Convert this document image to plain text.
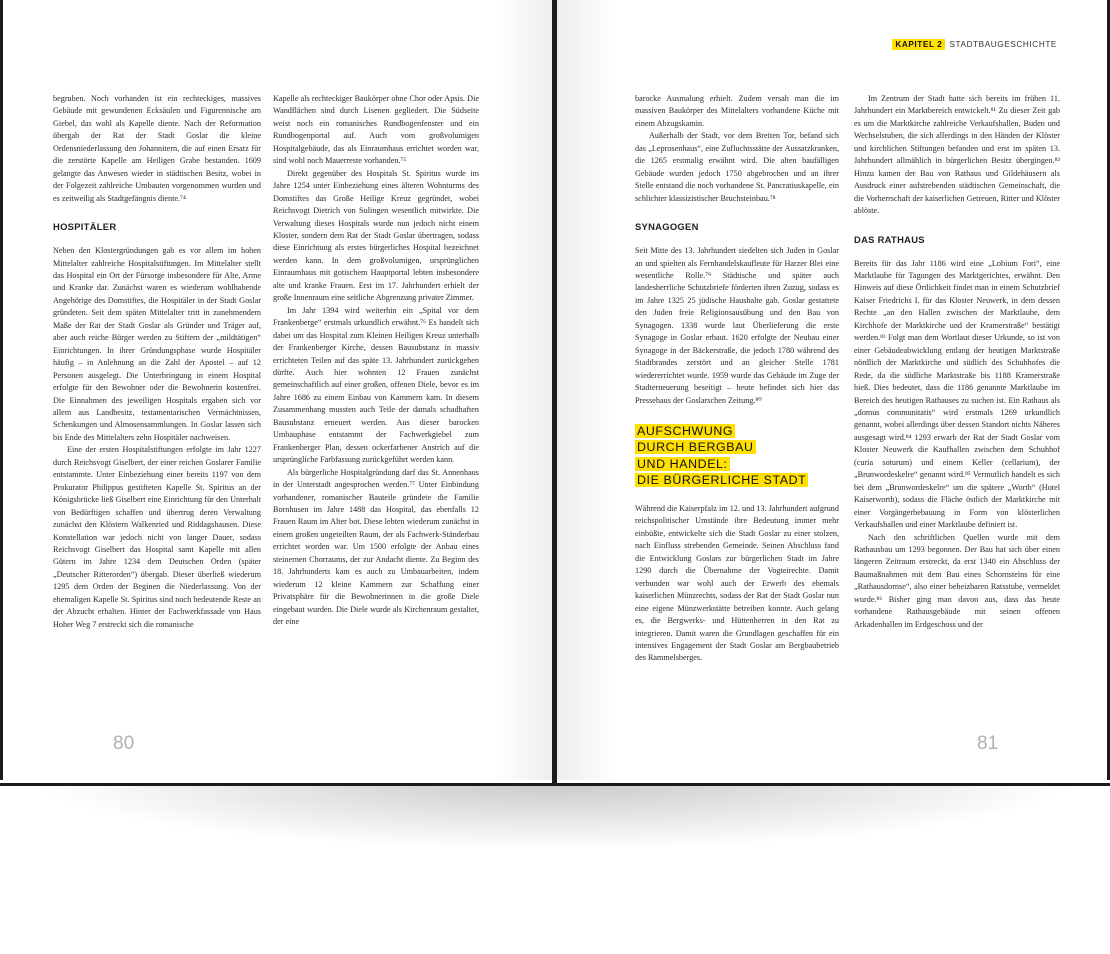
begruben. Noch vorhanden ist ein rechteckiges, massives Gebäude mit gewundenen Ecksäulen und Figurennische am Giebel, das wohl als Kapelle diente. Nach der Reformation übergab der Rat der Stadt Goslar die kleine Ordensniederlassung den Johannitern, die auf einen Ersatz für die zerstörte Kapelle am Heiligen Grabe bestanden. 1609 gelangte das Anwesen wieder in städtischen Besitz, wobei in der Folgezeit zahlreiche Umbauten vorgenommen wurden und es zeitweilig als Stadtgefängnis diente.⁷⁴

HOSPITÄLER

Neben den Klostergründungen gab es vor allem im hohen Mittelalter zahlreiche Hospitalstiftungen. Im Mittelalter stellt das Hospital ein Ort der Fürsorge insbesondere für Alte, Arme und Kranke dar. Zunächst waren es wiederum wohlhabende Angehörige des Domstiftes, die Hospitäler in der Stadt Goslar gründeten. Seit dem späten Mittelalter tritt in zunehmendem Maße der Rat der Stadt Goslar als Gründer und Träger auf, aber auch reiche Bürger werden zu Stiftern der „mildtätigen“ Einrichtungen. In ihrer Gründungsphase wurde Hospitäler häufig – in Anlehnung an die Zahl der Apostel – auf 12 Personen ausgelegt. Die Unterbringung in einem Hospital erfolgte für den Bewohner oder die Bewohnerin kostenfrei. Die Einnahmen des jeweiligen Hospitals ergaben sich vor allem aus Landbesitz, testamentarischen Vermächtnissen, Schenkungen und Almosensammlungen. In Goslar lassen sich bis Ende des Mittelalters zehn Hospitäler nachweisen.

Eine der ersten Hospitalstiftungen erfolgte im Jahr 1227 durch Reichsvogt Giselbert, der einer reichen Goslarer Familie entstammte. Unter Einbeziehung einer bereits 1197 von dem Prokurator Philippus gestifteten Kapelle St. Spiritus an der Königsbrücke ließ Giselbert eine Einrichtung für den Unterhalt von Bedürftigen schaffen und übertrug deren Verwaltung zunächst den Klöstern Walkenried und Riddagshausen. Diese Konstellation war jedoch nicht von langer Dauer, sodass Reichsvogt Giselbert das Hospital samt Kapelle mit allen Gütern im Jahre 1234 dem Deutschen Orden (später „Deutscher Ritterorden“) übergab. Dieser überließ wiederum 1295 dem Orden der Beginen die Niederlassung. Von der ehemaligen Kapelle St. Spiritus sind noch bedeutende Reste an der Abzucht erhalten. Hinter der Fachwerkfassade von Haus Hoher Weg 7 erstreckt sich die romanische

Kapelle als rechteckiger Baukörper ohne Chor oder Apsis. Die Wandflächen sind durch Lisenen gegliedert. Die Südseite weist noch ein romanisches Rundbogenfenster und ein Rundbogenportal auf. Auch vom großvolumigen Hospitalgebäude, das als Einraumhaus errichtet worden war, sind wohl noch Mauerreste vorhanden.⁷⁵

Direkt gegenüber des Hospitals St. Spiritus wurde im Jahre 1254 unter Einbeziehung eines älteren Wohnturms des Domstiftes das Große Heilige Kreuz gegründet, wobei Reichsvogt Dietrich von Sulingen wesentlich mitwirkte. Die Verwaltung dieses Hospitals wurde nun jedoch nicht einem Kloster, sondern dem Rat der Stadt Goslar übertragen, sodass diese Einrichtung als erstes bürgerliches Hospital bezeichnet werden kann. In dem großvolumigen, ursprünglichen Einraumhaus mit gotischem Hauptportal lebten insbesondere alte und kranke Frauen. Erst im 17. Jahrhundert erhielt der große Innenraum eine seitliche Abgrenzung privater Zimmer.

Im Jahr 1394 wird weiterhin ein „Spital vor dem Frankenberge“ erstmals urkundlich erwähnt.⁷⁶ Es handelt sich dabei um das Hospital zum Kleinen Heiligen Kreuz unterhalb der Frankenberger Kirche, dessen Bausubstanz in massiv errichteten Teilen auf das späte 13. Jahrhundert zurückgehen dürfte. Auch hier wohnten 12 Frauen zunächst gemeinschaftlich auf einer großen, offenen Diele, bevor es im Jahre 1686 zu einem Einbau von Kammern kam. In diesem Zusammenhang mussten auch Teile der damals schadhaften Bausubstanz erneuert werden. Aus dieser barocken Umbauphase entstammt der Fachwerkgiebel zum Frankenberger Plan, dessen ockerfarbener Anstrich auf die ursprüngliche Farbfassung zurückgeführt werden kann.

Als bürgerliche Hospitalgründung darf das St. Annenhaus in der Unterstadt angesprochen werden.⁷⁷ Unter Einbindung vorhandener, romanischer Bauteile gründete die Familie Bornhusen im Jahre 1488 das Hospital, das ebenfalls 12 Frauen Raum im Alter bot. Diese lebten wiederum zunächst in einem großen ungeteilten Raum, der als Fachwerk-Ständerbau errichtet worden war. Um 1500 erfolgte der Anbau eines steinernen Chorraums, der zur Andacht diente. Zu Beginn des 18. Jahrhunderts kam es auch zu Umbauarbeiten, indem wiederum 12 kleine Kammern zur Schaffung einer Privatsphäre für die Bewohnerinnen in die große Diele eingebaut wurden. Die Diele wurde als Kirchenraum gestaltet, der eine

80
KAPITEL 2 STADTBAUGESCHICHTE

barocke Ausmalung erhielt. Zudem versah man die im massiven Baukörper des Mittelalters vorhandene Küche mit einem Abzugskamin.

Außerhalb der Stadt, vor dem Breiten Tor, befand sich das „Leprosenhaus“, eine Zufluchtsstätte der Aussatzkranken, die 1265 erstmalig erwähnt wird. Die alten baufälligen Gebäude wurden jedoch 1750 abgebrochen und an ihrer Stelle entstand die noch vorhandene St. Pancratiuskapelle, ein schlichter klassizistischer Bruchsteinbau.⁷⁸

SYNAGOGEN

Seit Mitte des 13. Jahrhundert siedelten sich Juden in Goslar an und spielten als Fernhandelskaufleute für Harzer Blei eine wesentliche Rolle.⁷⁹ Städtische und später auch landesherrliche Schutzbriefe förderten ihren Zuzug, sodass es im Jahre 1325 25 jüdische Haushalte gab. Goslar gestattete den Juden freie Religionsausübung und den Bau von Synagogen. 1338 wurde laut Überlieferung die erste Synagoge in Goslar erbaut. 1620 erfolgte der Neubau einer Synagoge in der Bäckerstraße, die jedoch 1780 während des Stadtbrandes zerstört und an gleicher Stelle 1781 wiedererrichtet wurde. 1959 wurde das Gebäude im Zuge der Stadterneuerung beseitigt – heute befindet sich hier das Pressehaus der Goslarschen Zeitung.⁸⁰

AUFSCHWUNG
DURCH BERGBAU
UND HANDEL:
DIE BÜRGERLICHE STADT

Während die Kaiserpfalz im 12. und 13. Jahrhundert aufgrund reichspolitischer Umstände ihre Bedeutung immer mehr einbüßte, entwickelte sich die Stadt Goslar zu einer stolzen, nach Einfluss strebenden Gemeinde. Seinen Abschluss fand die Entwicklung Goslars zur bürgerlichen Stadt im Jahre 1290 durch die Übernahme der Vogteirechte. Damit verbunden war wohl auch der Erwerb des ehemals kaiserlichen Münzrechts, sodass der Rat der Stadt Goslar nun eine eigene Münzwerkstätte betreiben konnte. Auch gelang es, die Bergwerks- und Hüttenherren in den Rat zu integrieren. Damit waren die Grundlagen geschaffen für ein intensives Engagement der Stadt Goslar am Bergbaubetrieb des Rammelsberges.

Im Zentrum der Stadt hatte sich bereits im frühen 11. Jahrhundert ein Marktbereich entwickelt.⁸¹ Zu dieser Zeit gab es um die Marktkirche zahlreiche Verkaufshallen, Buden und Wechselstuben, die sich allerdings in den Händen der Klöster und kirchlichen Stiftungen befanden und erst im späten 13. Jahrhundert allmählich in bürgerlichen Besitz übergingen.⁸² Hinzu kamen der Bau von Rathaus und Gildehäusern als Ausdruck einer aufstrebenden städtischen Gemeinschaft, die die Vorherrschaft der kaiserlichen Getreuen, Ritter und Klöster ablöste.

DAS RATHAUS

Bereits für das Jahr 1186 wird eine „Lobium Fori“, eine Marktlaube für Tagungen des Marktgerichtes, erwähnt. Den Hinweis auf diese Örtlichkeit findet man in einem Schutzbrief Kaiser Friedrichs I. für das Kloster Neuwerk, in dem dessen Rechte „an den Hallen zwischen der Marktlaube, dem Kirchhofe der Marktkirche und der Kramerstraße“ bestätigt werden.⁸³ Folgt man dem Wortlaut dieser Urkunde, so ist von einer Gebäudeabwicklung entlang der heutigen Marktstraße nördlich der Marktkirche und südlich des Schuhhofes die Rede, da die südliche Marktstraße bis 1188 Kramerstraße hieß. Dies bedeutet, dass die 1186 genannte Marktlaube im Bereich des heutigen Rathauses zu suchen ist. Ein Rathaus als „domus communitatis“ wird erstmals 1269 urkundlich genannt, wobei allerdings über dessen Standort nichts Näheres ausgesagt wird.⁸⁴ 1293 erwarb der Rat der Stadt Goslar vom Kloster Neuwerk die Kaufhallen zwischen dem Schuhhof (curia soturum) und einem Keller (cellarium), der „Brunwordeskelre“ genannt wird.⁸⁵ Vermutlich handelt es sich bei dem „Brunwordeskelre“ um die spätere „Worth“ (Hotel Kaiserworth), sodass die Fläche östlich der Marktkirche mit einer Vorgängerbebauung in Form von klösterlichen Verkaufshallen und einer Marktlaube definiert ist.

Nach den schriftlichen Quellen wurde mit dem Rathausbau um 1293 begonnen. Der Bau hat sich über einen längeren Zeitraum erstreckt, da erst 1340 ein Abschluss der Baumaßnahmen mit dem Bau eines Schornsteins für eine „Rathausdornse“, also einer beheizbaren Ratsstube, vermeldet wurde.⁸⁶ Bisher ging man davon aus, dass das heute vorhandene Rathausgebäude mit seinen offenen Arkadenhallen im Erdgeschoss und der

81
